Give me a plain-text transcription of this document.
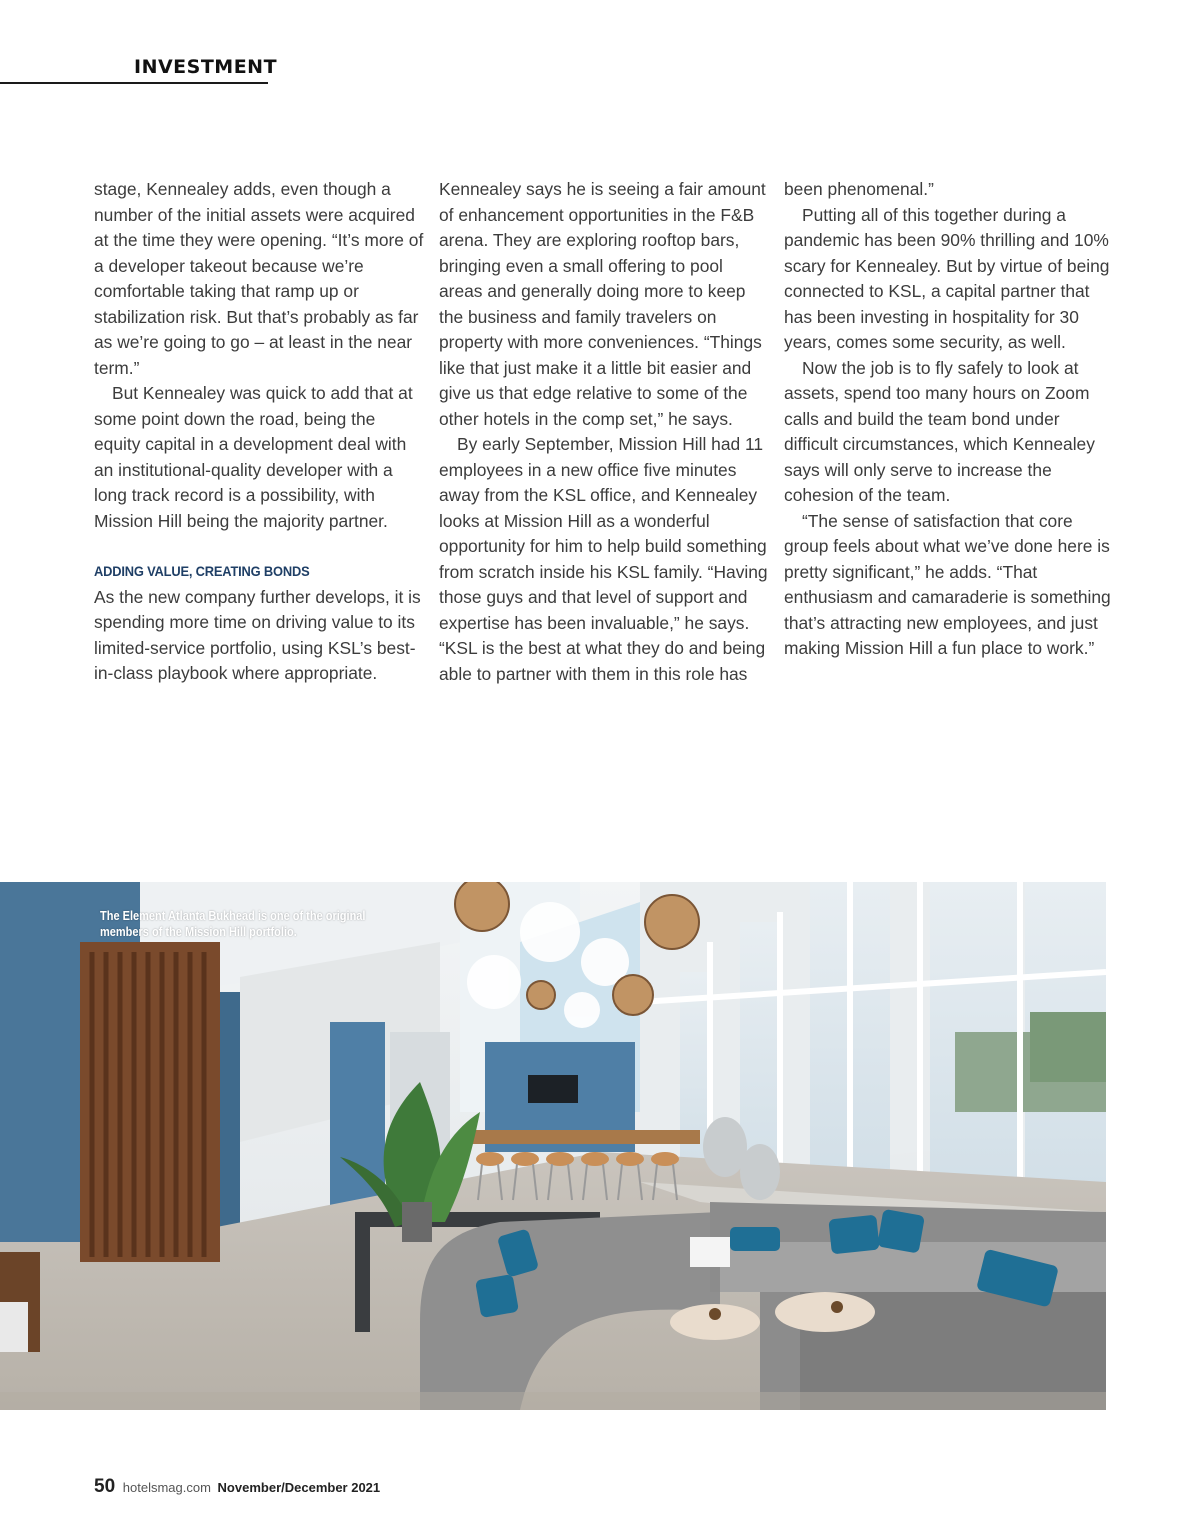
INVESTMENT

stage, Kennealey adds, even though a number of the initial assets were acquired at the time they were opening. “It’s more of a developer takeout because we’re comfortable taking that ramp up or stabilization risk. But that’s probably as far as we’re going to go – at least in the near term.”

But Kennealey was quick to add that at some point down the road, being the equity capital in a development deal with an institutional-quality developer with a long track record is a possibility, with Mission Hill being the majority partner.

ADDING VALUE, CREATING BONDS

As the new company further develops, it is spending more time on driving value to its limited-service portfolio, using KSL’s best-in-class playbook where appropriate.

Kennealey says he is seeing a fair amount of enhancement opportunities in the F&B arena. They are exploring rooftop bars, bringing even a small offering to pool areas and generally doing more to keep the business and family travelers on property with more conveniences. “Things like that just make it a little bit easier and give us that edge relative to some of the other hotels in the comp set,” he says.

By early September, Mission Hill had 11 employees in a new office five minutes away from the KSL office, and Kennealey looks at Mission Hill as a wonderful opportunity for him to help build something from scratch inside his KSL family. “Having those guys and that level of support and expertise has been invaluable,” he says. “KSL is the best at what they do and being able to partner with them in this role has

been phenomenal.”

Putting all of this together during a pandemic has been 90% thrilling and 10% scary for Kennealey. But by virtue of being connected to KSL, a capital partner that has been investing in hospitality for 30 years, comes some security, as well.

Now the job is to fly safely to look at assets, spend too many hours on Zoom calls and build the team bond under difficult circumstances, which Kennealey says will only serve to increase the cohesion of the team.

“The sense of satisfaction that core group feels about what we’ve done here is pretty significant,” he adds. “That enthusiasm and camaraderie is something that’s attracting new employees, and just making Mission Hill a fun place to work.”

The Element Atlanta Bukhead is one of the original members of the Mission Hill portfolio.
50 hotelsmag.com November/December 2021
